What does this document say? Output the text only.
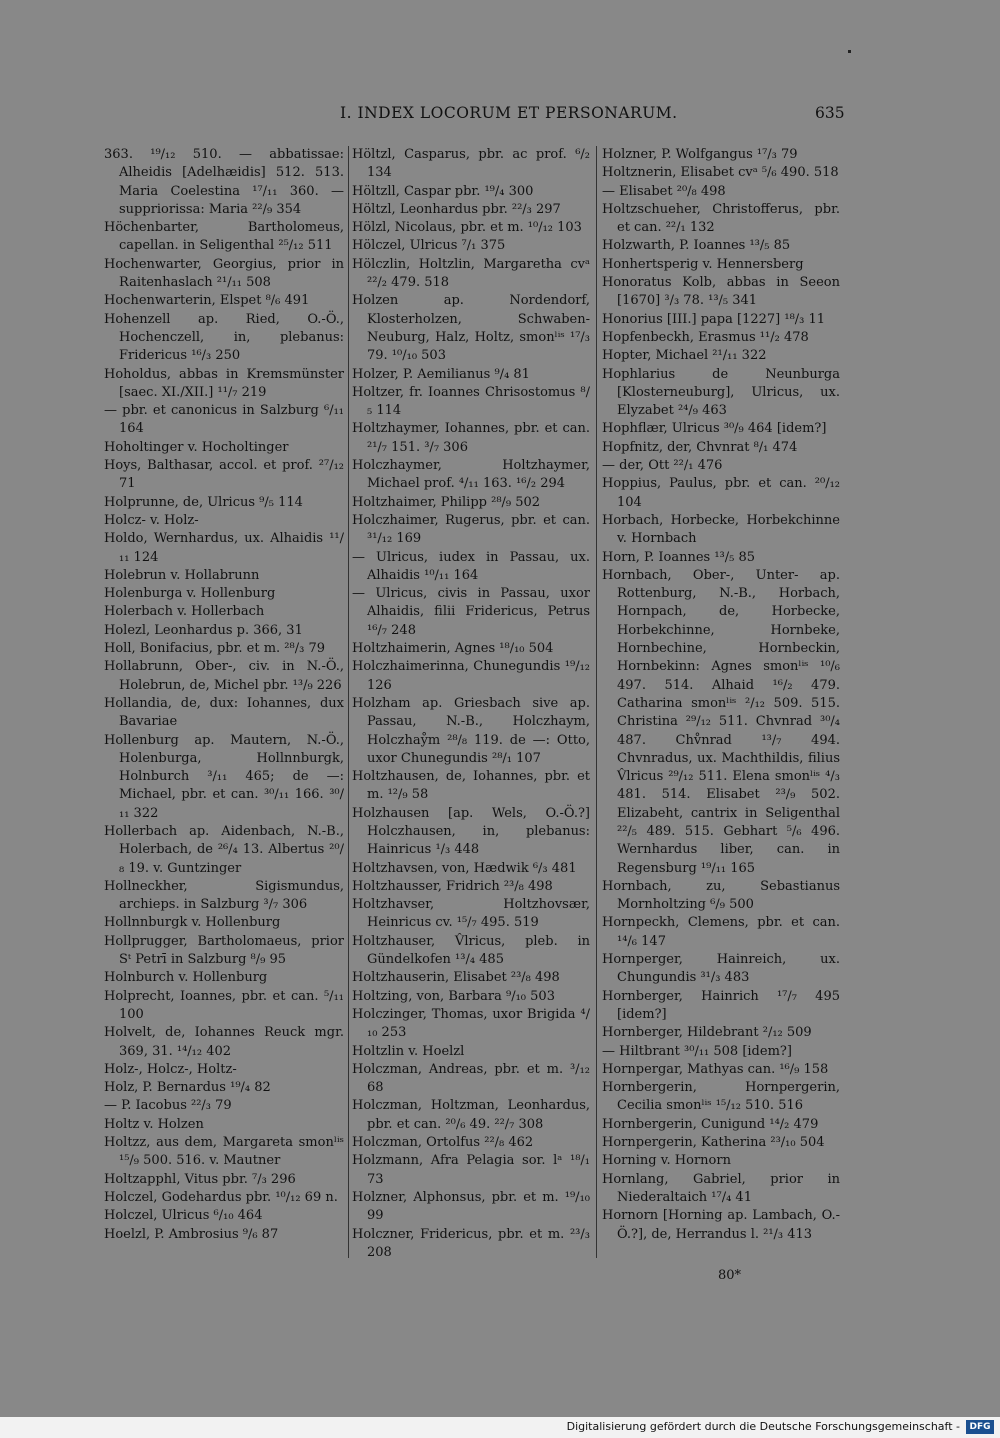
I. INDEX LOCORUM ET PERSONARUM.	635

363. ¹⁹/₁₂ 510. — abbatissae: Alheidis [Adelhæidis] 512. 513. Maria Coelestina ¹⁷/₁₁ 360. — suppriorissa: Maria ²²/₉ 354

Höchenbarter, Bartholomeus, capellan. in Seligenthal ²⁵/₁₂ 511

Hochenwarter, Georgius, prior in Raitenhaslach ²¹/₁₁ 508

Hochenwarterin, Elspet ⁸/₆ 491

Hohenzell ap. Ried, O.-Ö., Hochenczell, in, plebanus: Fridericus ¹⁶/₃ 250

Hoholdus, abbas in Kremsmünster [saec. XI./XII.] ¹¹/₇ 219

— pbr. et canonicus in Salzburg ⁶/₁₁ 164

Hoholtinger v. Hocholtinger

Hoys, Balthasar, accol. et prof. ²⁷/₁₂ 71

Holprunne, de, Ulricus ⁹/₅ 114

Holcz- v. Holz-

Holdo, Wernhardus, ux. Alhaidis ¹¹/₁₁ 124

Holebrun v. Hollabrunn

Holenburga v. Hollenburg

Holerbach v. Hollerbach

Holezl, Leonhardus p. 366, 31

Holl, Bonifacius, pbr. et m. ²⁸/₃ 79

Hollabrunn, Ober-, civ. in N.-Ö., Holebrun, de, Michel pbr. ¹³/₉ 226

Hollandia, de, dux: Iohannes, dux Bavariae

Hollenburg ap. Mautern, N.-Ö., Holenburga, Hollnnburgk, Holnburch ³/₁₁ 465; de —: Michael, pbr. et can. ³⁰/₁₁ 166. ³⁰/₁₁ 322

Hollerbach ap. Aidenbach, N.-B., Holerbach, de ²⁶/₄ 13. Albertus ²⁰/₈ 19. v. Guntzinger

Hollneckher, Sigismundus, archieps. in Salzburg ³/₇ 306

Hollnnburgk v. Hollenburg

Hollprugger, Bartholomaeus, prior Sᵗ Petrī in Salzburg ⁸/₉ 95

Holnburch v. Hollenburg

Holprecht, Ioannes, pbr. et can. ⁵/₁₁ 100

Holvelt, de, Iohannes Reuck mgr. 369, 31. ¹⁴/₁₂ 402

Holz-, Holcz-, Holtz-

Holz, P. Bernardus ¹⁹/₄ 82

— P. Iacobus ²²/₃ 79

Holtz v. Holzen

Holtzz, aus dem, Margareta smonˡⁱˢ ¹⁵/₉ 500. 516. v. Mautner

Holtzapphl, Vitus pbr. ⁷/₃ 296

Holczel, Godehardus pbr. ¹⁰/₁₂ 69 n.

Holczel, Ulricus ⁶/₁₀ 464

Hoelzl, P. Ambrosius ⁹/₆ 87

Höltzl, Casparus, pbr. ac prof. ⁶/₂ 134

Höltzll, Caspar pbr. ¹⁹/₄ 300

Höltzl, Leonhardus pbr. ²²/₃ 297

Hölzl, Nicolaus, pbr. et m. ¹⁰/₁₂ 103

Hölczel, Ulricus ⁷/₁ 375

Hölczlin, Holtzlin, Margaretha cvᵃ ²²/₂ 479. 518

Holzen ap. Nordendorf, Klosterholzen, Schwaben-Neuburg, Halz, Holtz, smonˡⁱˢ ¹⁷/₃ 79. ¹⁰/₁₀ 503

Holzer, P. Aemilianus ⁹/₄ 81

Holtzer, fr. Ioannes Chrisostomus ⁸/₅ 114

Holtzhaymer, Iohannes, pbr. et can. ²¹/₇ 151. ³/₇ 306

Holczhaymer, Holtzhaymer, Michael prof. ⁴/₁₁ 163. ¹⁶/₂ 294

Holtzhaimer, Philipp ²⁸/₉ 502

Holczhaimer, Rugerus, pbr. et can. ³¹/₁₂ 169

— Ulricus, iudex in Passau, ux. Alhaidis ¹⁰/₁₁ 164

— Ulricus, civis in Passau, uxor Alhaidis, filii Fridericus, Petrus ¹⁶/₇ 248

Holtzhaimerin, Agnes ¹⁸/₁₀ 504

Holczhaimerinna, Chunegundis ¹⁹/₁₂ 126

Holzham ap. Griesbach sive ap. Passau, N.-B., Holczhaym, Holczhaẙm ²⁸/₈ 119. de —: Otto, uxor Chunegundis ²⁸/₁ 107

Holtzhausen, de, Iohannes, pbr. et m. ¹²/₉ 58

Holzhausen [ap. Wels, O.-Ö.?] Holczhausen, in, plebanus: Hainricus ¹/₃ 448

Holtzhavsen, von, Hædwik ⁶/₃ 481

Holtzhausser, Fridrich ²³/₈ 498

Holtzhavser, Holtzhovsær, Heinricus cv. ¹⁵/₇ 495. 519

Holtzhauser, V̂lricus, pleb. in Gündelkofen ¹³/₄ 485

Holtzhauserin, Elisabet ²³/₈ 498

Holtzing, von, Barbara ⁹/₁₀ 503

Holczinger, Thomas, uxor Brigida ⁴/₁₀ 253

Holtzlin v. Hoelzl

Holczman, Andreas, pbr. et m. ³/₁₂ 68

Holczman, Holtzman, Leonhardus, pbr. et can. ²⁰/₆ 49. ²²/₇ 308

Holczman, Ortolfus ²²/₈ 462

Holzmann, Afra Pelagia sor. lᵃ ¹⁸/₁ 73

Holzner, Alphonsus, pbr. et m. ¹⁹/₁₀ 99

Holczner, Fridericus, pbr. et m. ²³/₃ 208

Holzner, P. Wolfgangus ¹⁷/₃ 79

Holtznerin, Elisabet cvᵃ ⁵/₆ 490. 518

— Elisabet ²⁰/₈ 498

Holtzschueher, Christofferus, pbr. et can. ²²/₁ 132

Holzwarth, P. Ioannes ¹³/₅ 85

Honhertsperig v. Hennersberg

Honoratus Kolb, abbas in Seeon [1670] ³/₃ 78. ¹³/₅ 341

Honorius [III.] papa [1227] ¹⁸/₃ 11

Hopfenbeckh, Erasmus ¹¹/₂ 478

Hopter, Michael ²¹/₁₁ 322

Hophlarius de Neunburga [Klosterneuburg], Ulricus, ux. Elyzabet ²⁴/₉ 463

Hophflær, Ulricus ³⁰/₉ 464 [idem?]

Hopfnitz, der, Chvnrat ⁸/₁ 474

— der, Ott ²²/₁ 476

Hoppius, Paulus, pbr. et can. ²⁰/₁₂ 104

Horbach, Horbecke, Horbekchinne v. Hornbach

Horn, P. Ioannes ¹³/₅ 85

Hornbach, Ober-, Unter- ap. Rottenburg, N.-B., Horbach, Hornpach, de, Horbecke, Horbekchinne, Hornbeke, Hornbechine, Hornbeckin, Hornbekinn: Agnes smonˡⁱˢ ¹⁰/₆ 497. 514. Alhaid ¹⁶/₂ 479. Catharina smonˡⁱˢ ²/₁₂ 509. 515. Christina ²⁹/₁₂ 511. Chvnrad ³⁰/₄ 487. Chv̊nrad ¹³/₇ 494. Chvnradus, ux. Machthildis, filius V̂lricus ²⁹/₁₂ 511. Elena smonˡⁱˢ ⁴/₃ 481. 514. Elisabet ²³/₉ 502. Elizabeht, cantrix in Seligenthal ²²/₅ 489. 515. Gebhart ⁵/₆ 496. Wernhardus liber, can. in Regensburg ¹⁹/₁₁ 165

Hornbach, zu, Sebastianus Mornholtzing ⁶/₉ 500

Hornpeckh, Clemens, pbr. et can. ¹⁴/₆ 147

Hornperger, Hainreich, ux. Chungundis ³¹/₃ 483

Hornberger, Hainrich ¹⁷/₇ 495 [idem?]

Hornberger, Hildebrant ²/₁₂ 509

— Hiltbrant ³⁰/₁₁ 508 [idem?]

Hornpergar, Mathyas can. ¹⁶/₉ 158

Hornbergerin, Hornpergerin, Cecilia smonˡⁱˢ ¹⁵/₁₂ 510. 516

Hornbergerin, Cunigund ¹⁴/₂ 479

Hornpergerin, Katherina ²³/₁₀ 504

Horning v. Hornorn

Hornlang, Gabriel, prior in Niederaltaich ¹⁷/₄ 41

Hornorn [Horning ap. Lambach, O.-Ö.?], de, Herrandus l. ²¹/₃ 413

80*
Digitalisierung gefördert durch die Deutsche Forschungsgemeinschaft -	DFG
